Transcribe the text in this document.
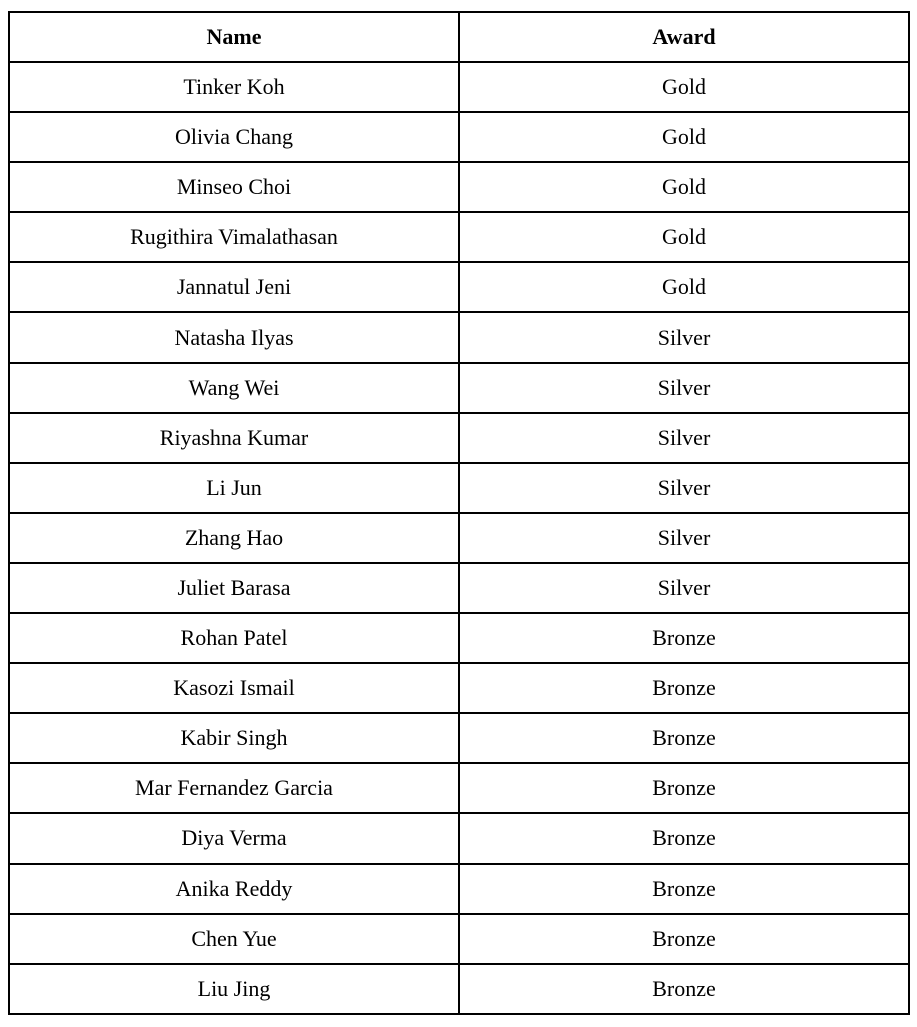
Name	Award
Tinker Koh	Gold
Olivia Chang	Gold
Minseo Choi	Gold
Rugithira Vimalathasan	Gold
Jannatul Jeni	Gold
Natasha Ilyas	Silver
Wang Wei	Silver
Riyashna Kumar	Silver
Li Jun	Silver
Zhang Hao	Silver
Juliet Barasa	Silver
Rohan Patel	Bronze
Kasozi Ismail	Bronze
Kabir Singh	Bronze
Mar Fernandez Garcia	Bronze
Diya Verma	Bronze
Anika Reddy	Bronze
Chen Yue	Bronze
Liu Jing	Bronze
